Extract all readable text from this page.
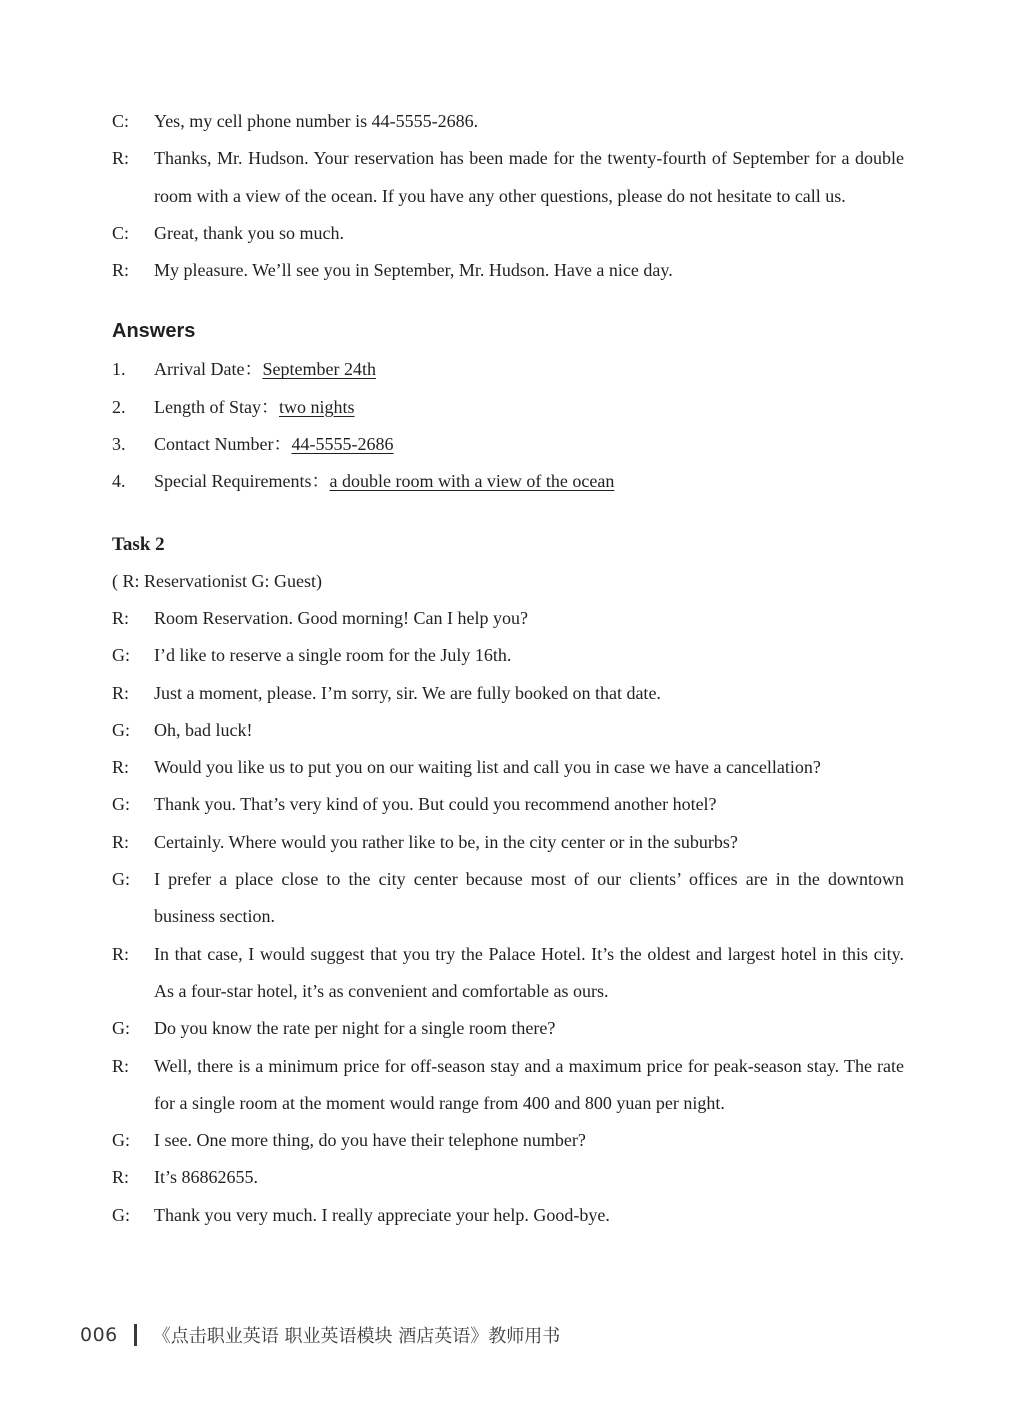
C:	Yes, my cell phone number is 44-5555-2686.
R:	Thanks, Mr. Hudson. Your reservation has been made for the twenty-fourth of September for a double room with a view of the ocean. If you have any other questions, please do not hesitate to call us.
C:	Great, thank you so much.
R:	My pleasure. We’ll see you in September, Mr. Hudson. Have a nice day.
Answers
1.	Arrival Date： September 24th
2.	Length of Stay： two nights
3.	Contact Number： 44-5555-2686
4.	Special Requirements： a double room with a view of the ocean
Task 2
( R: Reservationist G: Guest)
R:	Room Reservation. Good morning! Can I help you?
G:	I’d like to reserve a single room for the July 16th.
R:	Just a moment, please. I’m sorry, sir. We are fully booked on that date.
G:	Oh, bad luck!
R:	Would you like us to put you on our waiting list and call you in case we have a cancellation?
G:	Thank you. That’s very kind of you. But could you recommend another hotel?
R:	Certainly. Where would you rather like to be, in the city center or in the suburbs?
G:	I prefer a place close to the city center because most of our clients’ offices are in the downtown business section.
R:	In that case, I would suggest that you try the Palace Hotel. It’s the oldest and largest hotel in this city. As a four-star hotel, it’s as convenient and comfortable as ours.
G:	Do you know the rate per night for a single room there?
R:	Well, there is a minimum price for off-season stay and a maximum price for peak-season stay. The rate for a single room at the moment would range from 400 and 800 yuan per night.
G:	I see. One more thing, do you have their telephone number?
R:	It’s 86862655.
G:	Thank you very much. I really appreciate your help. Good-bye.
006 《点击职业英语 职业英语模块 酒店英语》教师用书
